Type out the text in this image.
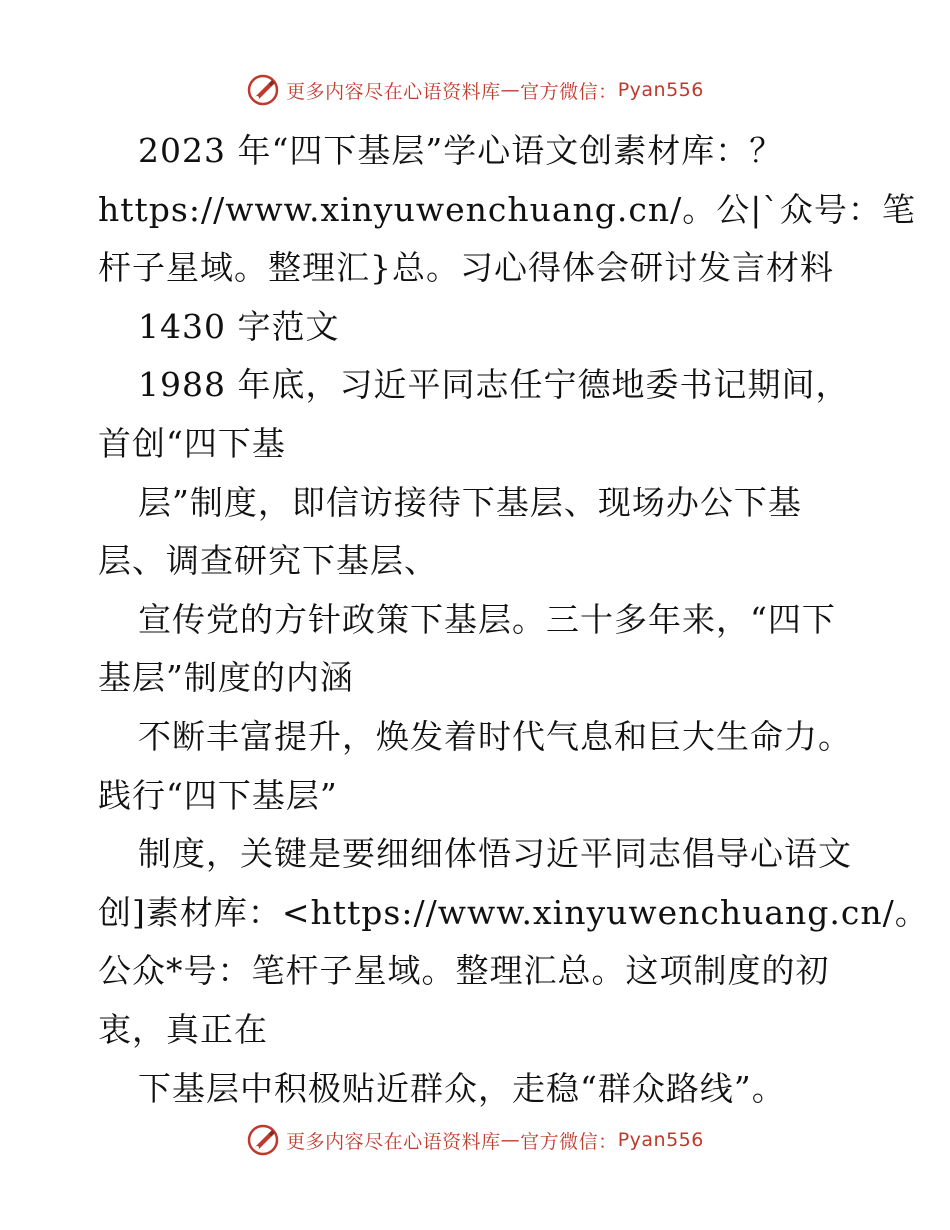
更多内容尽在心语资料库 — 官方微信： Pyan556
2023 年“四下基层”学心语文创素材库：？
https://www.xinyuwenchuang.cn/。公|`众号：笔
杆子星域。整理汇}总。习心得体会研讨发言材料
1430 字范文
1988 年底，习近平同志任宁德地委书记期间，
首创“四下基
层”制度，即信访接待下基层、现场办公下基
层、调查研究下基层、
宣传党的方针政策下基层。三十多年来，“四下
基层”制度的内涵
不断丰富提升，焕发着时代气息和巨大生命力。
践行“四下基层”
制度，关键是要细细体悟习近平同志倡导心语文
创]素材库：<https://www.xinyuwenchuang.cn/。
公众*号：笔杆子星域。整理汇总。这项制度的初
衷，真正在
下基层中积极贴近群众，走稳“群众路线”。
更多内容尽在心语资料库 — 官方微信： Pyan556
